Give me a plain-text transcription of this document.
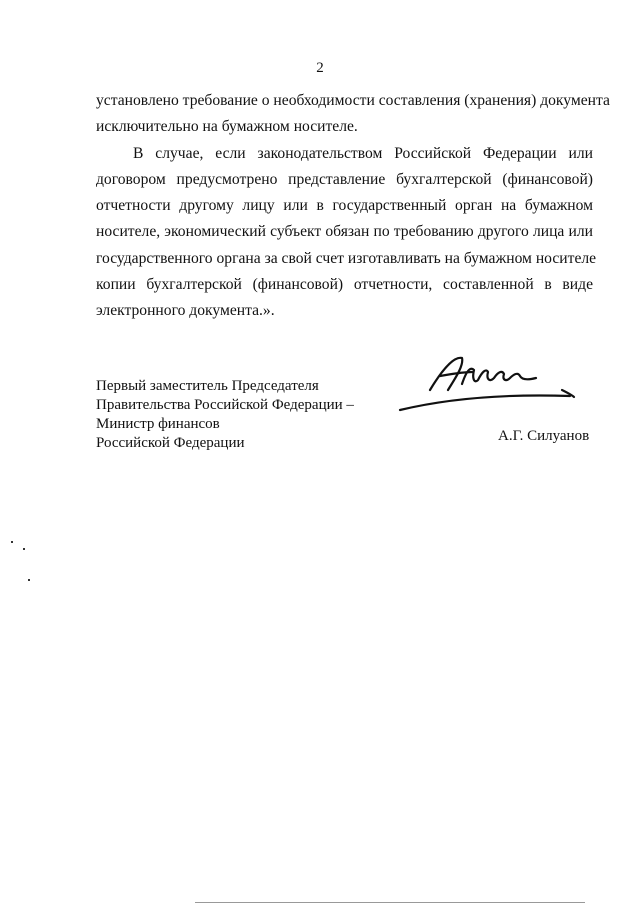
2
установлено требование о необходимости составления (хранения) документа
исключительно на бумажном носителе.
В случае, если законодательством Российской Федерации или
договором предусмотрено представление бухгалтерской (финансовой)
отчетности другому лицу или в государственный орган на бумажном
носителе, экономический субъект обязан по требованию другого лица или
государственного органа за свой счет изготавливать на бумажном носителе
копии бухгалтерской (финансовой) отчетности, составленной в виде
электронного документа.».
Первый заместитель Председателя
Правительства Российской Федерации –
Министр финансов
Российской Федерации	А.Г. Силуанов
